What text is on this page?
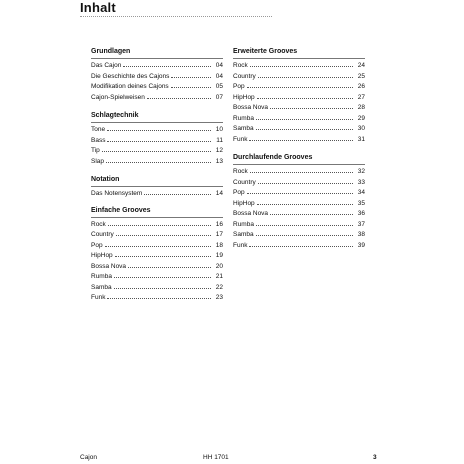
Inhalt
Grundlagen
Das Cajon	04
Die Geschichte des Cajons	04
Modifikation deines Cajons	05
Cajon-Spielweisen	07
Schlagtechnik
Tone	10
Bass	11
Tip	12
Slap	13
Notation
Das Notensystem	14
Einfache Grooves
Rock	16
Country	17
Pop	18
HipHop	19
Bossa Nova	20
Rumba	21
Samba	22
Funk	23
Erweiterte Grooves
Rock	24
Country	25
Pop	26
HipHop	27
Bossa Nova	28
Rumba	29
Samba	30
Funk	31
Durchlaufende Grooves
Rock	32
Country	33
Pop	34
HipHop	35
Bossa Nova	36
Rumba	37
Samba	38
Funk	39
Cajon	HH 1701	3
